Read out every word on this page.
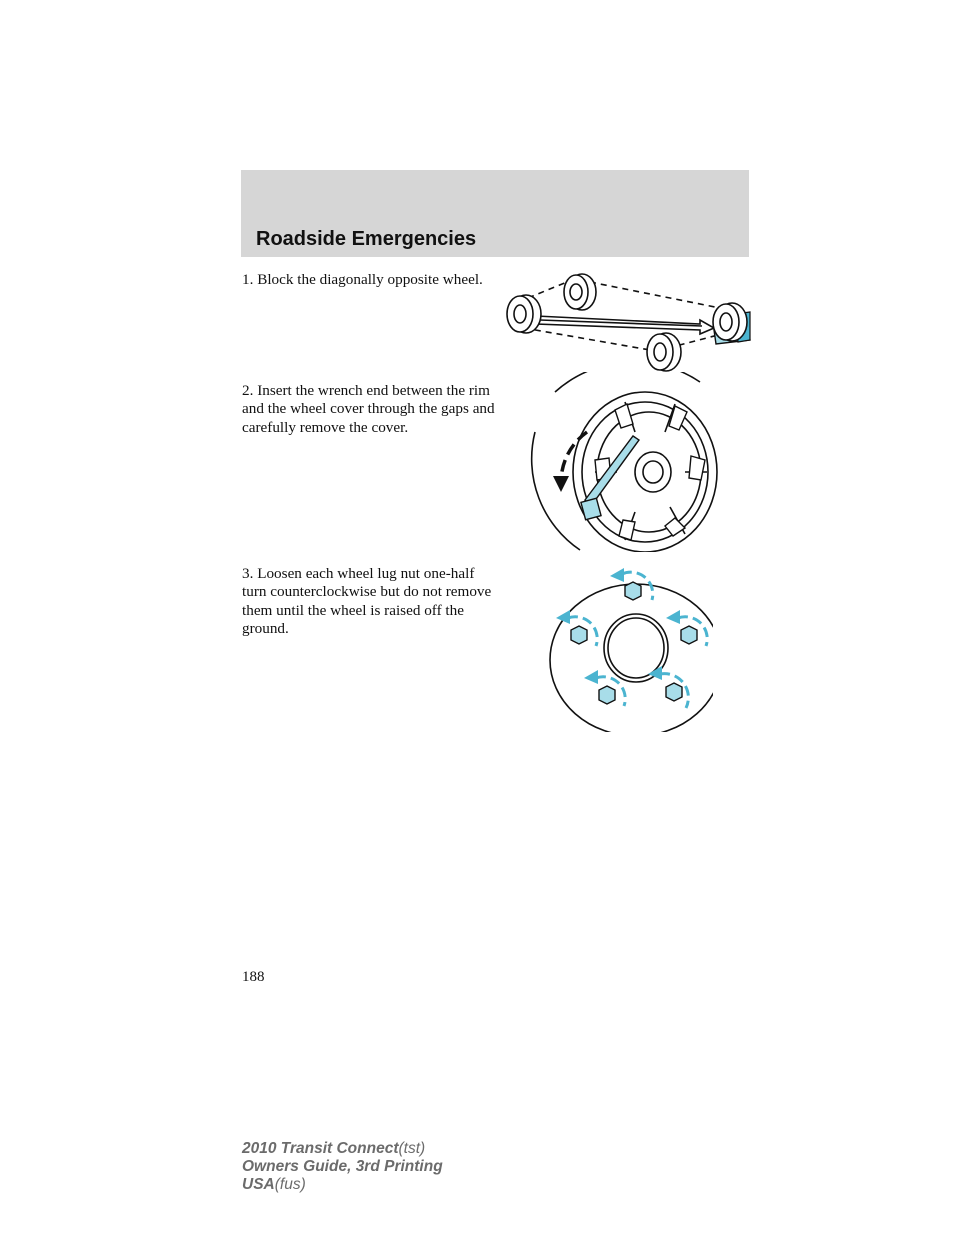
Roadside Emergencies
1. Block the diagonally opposite wheel.
2. Insert the wrench end between the rim and the wheel cover through the gaps and carefully remove the cover.
3. Loosen each wheel lug nut one-half turn counterclockwise but do not remove them until the wheel is raised off the ground.
188
2010 Transit Connect(tst)
Owners Guide, 3rd Printing
USA(fus)
